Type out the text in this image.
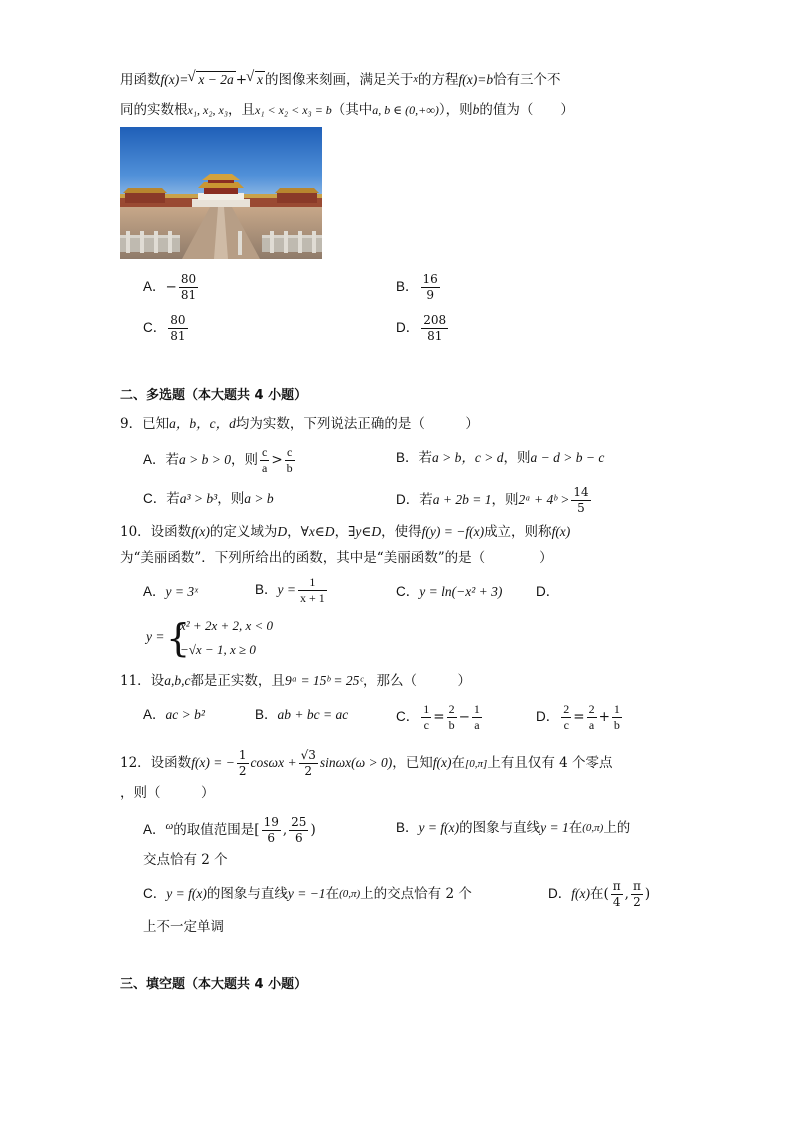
用函数f(x)= √ x − 2a + √ x 的图像来刻画，满足关于$^x$的方程f(x)=b恰有三个不
同的实数根x₁, x₂, x₃，且x₁ < x₂ < x₃ = b（其中a, b ∈ (0,+∞)），则b的值为（　　）
A．− $\frac{80}{81}$	B． $\frac{16}{9}$
C． $\frac{80}{81}$	D． $\frac{208}{81}$
二、多选题（本大题共 4 小题）
9．已知a，b，c，d均为实数，下列说法正确的是（　　　）
A．若a > b > 0，则 $\frac{c}{a} > \frac{c}{b}$	B．若a > b，c > d，则a − d > b − c
C．若a³ > b³，则a > b	D．若a + 2b = 1，则2ᵃ + 4ᵇ > $\frac{14}{5}$
10．设函数f(x)的定义域为D，∀x∈D，∃y∈D，使得f(y) = −f(x)成立，则称f(x)
为“美丽函数”．下列所给出的函数，其中是“美丽函数”的是（　　　　）
A．y = 3ˣ	B．$y = \frac{1}{x + 1}$	C．y = ln(−x² + 3) D．
y = {
x² + 2x + 2, x < 0
−√x − 1, x ≥ 0
11．设a,b,c都是正实数，且9ᵃ = 15ᵇ = 25ᶜ，那么（　　　）
A．ac > b²	B．ab + bc = ac	C． $\frac{1}{c} = \frac{2}{b} - \frac{1}{a}$	D． $\frac{2}{c} = \frac{2}{a} + \frac{1}{b}$
12．设函数f(x) = − $\frac{1}{2}$ $\cos\omega x + \frac{√3}{2} \sin\omega x(\omega > 0)$，已知f(x)在[0,π]上有且仅有 4 个零点
，则（　　　）
A．$^\omega$的取值范围是[ $\frac{19}{6}$ , $\frac{25}{6}$ )	B．y = f(x)的图象与直线y = 1在$^{(0,\pi)}$上的
交点恰有 2 个
C．y = f(x)的图象与直线y = −1在$^{(0,\pi)}$上的交点恰有 2 个	D．f(x)在( $\frac{\pi}{4}$ , $\frac{\pi}{2}$ )
上不一定单调
三、填空题（本大题共 4 小题）
